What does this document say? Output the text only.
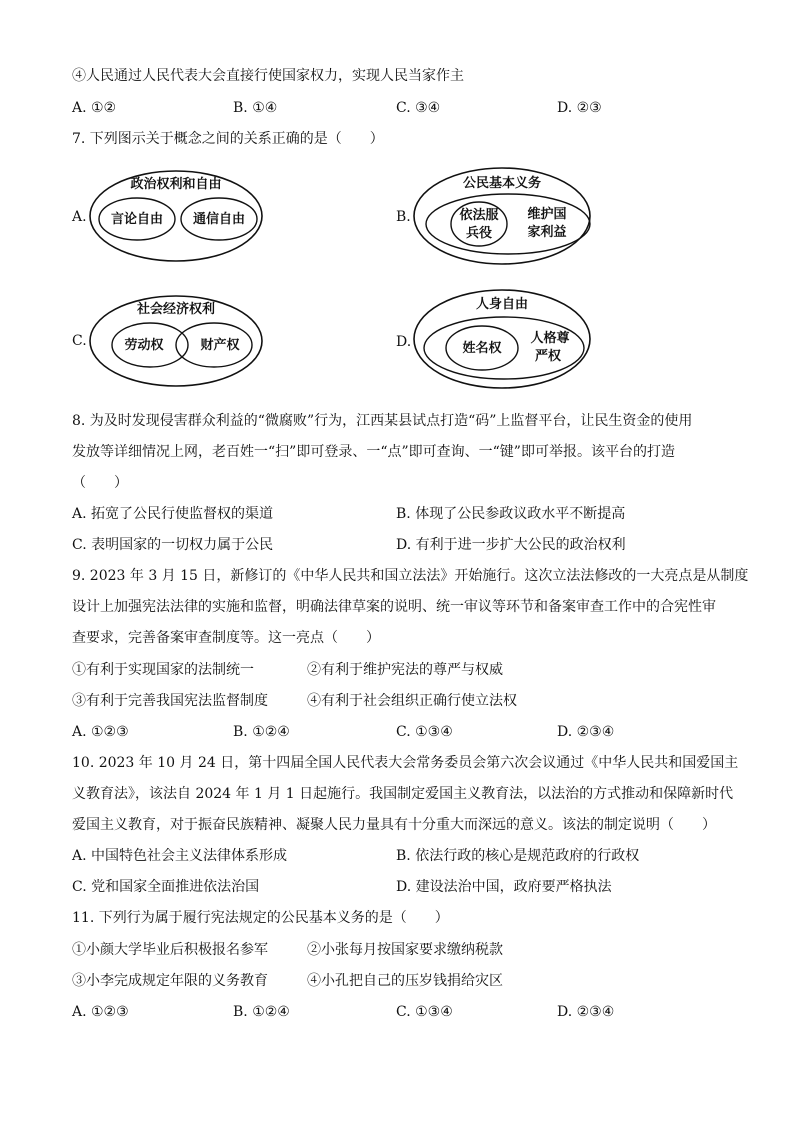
④人民通过人民代表大会直接行使国家权力，实现人民当家作主
A. ①②	B. ①④	C. ③④	D. ②③
7. 下列图示关于概念之间的关系正确的是（　　）
A.
政治权利和自由
言论自由 通信自由	B.
公民基本义务
依法服
兵役
维护国
家利益
C.
社会经济权利
劳动权	财产权	D.
人身自由
姓名权
人格尊
严权
8. 为及时发现侵害群众利益的“微腐败”行为，江西某县试点打造“码”上监督平台，让民生资金的使用
发放等详细情况上网，老百姓一“扫”即可登录、一“点”即可查询、一“键”即可举报。该平台的打造
（　　）
A. 拓宽了公民行使监督权的渠道	B. 体现了公民参政议政水平不断提高
C. 表明国家的一切权力属于公民	D. 有利于进一步扩大公民的政治权利
9. 2023 年 3 月 15 日，新修订的《中华人民共和国立法法》开始施行。这次立法法修改的一大亮点是从制度
设计上加强宪法法律的实施和监督，明确法律草案的说明、统一审议等环节和备案审查工作中的合宪性审
查要求，完善备案审查制度等。这一亮点（　　）
①有利于实现国家的法制统一	②有利于维护宪法的尊严与权威
③有利于完善我国宪法监督制度	④有利于社会组织正确行使立法权
A. ①②③	B. ①②④	C. ①③④	D. ②③④
10. 2023 年 10 月 24 日，第十四届全国人民代表大会常务委员会第六次会议通过《中华人民共和国爱国主
义教育法》，该法自 2024 年 1 月 1 日起施行。我国制定爱国主义教育法，以法治的方式推动和保障新时代
爱国主义教育，对于振奋民族精神、凝聚人民力量具有十分重大而深远的意义。该法的制定说明（　　）
A. 中国特色社会主义法律体系形成	B. 依法行政的核心是规范政府的行政权
C. 党和国家全面推进依法治国	D. 建设法治中国，政府要严格执法
11. 下列行为属于履行宪法规定的公民基本义务的是（　　）
①小颜大学毕业后积极报名参军	②小张每月按国家要求缴纳税款
③小李完成规定年限的义务教育	④小孔把自己的压岁钱捐给灾区
A. ①②③	B. ①②④	C. ①③④	D. ②③④
